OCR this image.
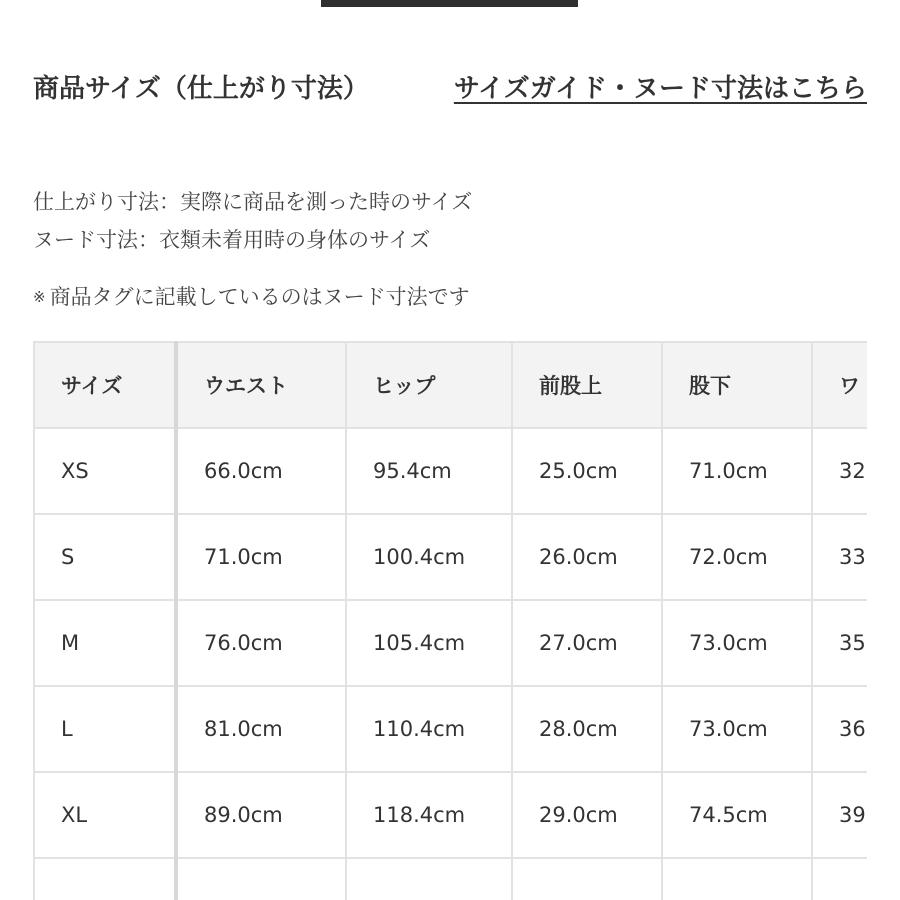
商品サイズ（仕上がり寸法）	サイズガイド・ヌード寸法はこちら

仕上がり寸法：実際に商品を測った時のサイズ

ヌード寸法：衣類未着用時の身体のサイズ

※ 商品タグに記載しているのはヌード寸法です
サイズ	ウエスト	ヒップ	前股上	股下	ワ
XS	66.0cm	95.4cm	25.0cm	71.0cm	32
S	71.0cm	100.4cm	26.0cm	72.0cm	33
M	76.0cm	105.4cm	27.0cm	73.0cm	35
L	81.0cm	110.4cm	28.0cm	73.0cm	36
XL	89.0cm	118.4cm	29.0cm	74.5cm	39
